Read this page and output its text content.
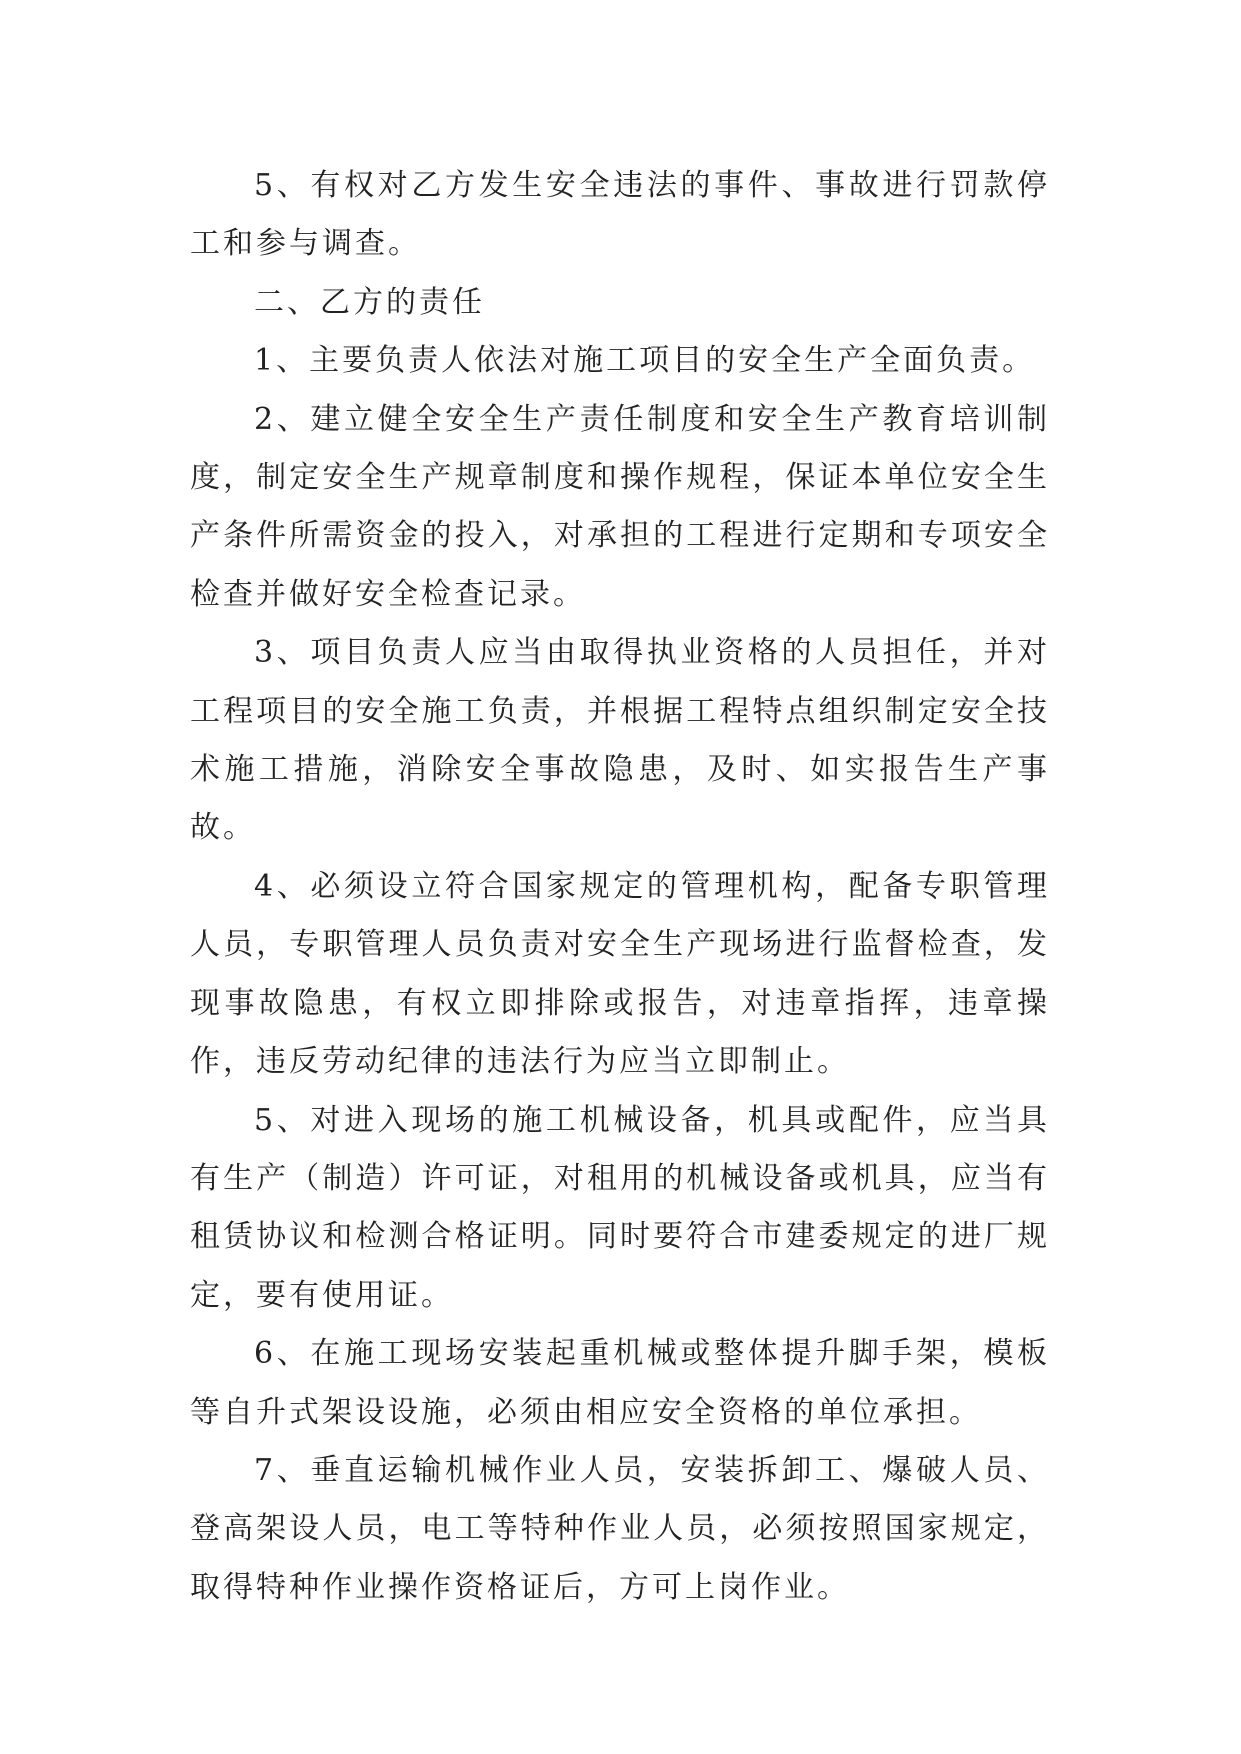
5、有权对乙方发生安全违法的事件、事故进行罚款停工和参与调查。

二、乙方的责任

1、主要负责人依法对施工项目的安全生产全面负责。

2、建立健全安全生产责任制度和安全生产教育培训制度，制定安全生产规章制度和操作规程，保证本单位安全生产条件所需资金的投入，对承担的工程进行定期和专项安全检查并做好安全检查记录。

3、项目负责人应当由取得执业资格的人员担任，并对工程项目的安全施工负责，并根据工程特点组织制定安全技术施工措施，消除安全事故隐患，及时、如实报告生产事故。

4、必须设立符合国家规定的管理机构，配备专职管理人员，专职管理人员负责对安全生产现场进行监督检查，发现事故隐患，有权立即排除或报告，对违章指挥，违章操作，违反劳动纪律的违法行为应当立即制止。

5、对进入现场的施工机械设备，机具或配件，应当具有生产（制造）许可证，对租用的机械设备或机具，应当有租赁协议和检测合格证明。同时要符合市建委规定的进厂规定，要有使用证。

6、在施工现场安装起重机械或整体提升脚手架，模板等自升式架设设施，必须由相应安全资格的单位承担。

7、垂直运输机械作业人员，安装拆卸工、爆破人员、登高架设人员，电工等特种作业人员，必须按照国家规定，取得特种作业操作资格证后，方可上岗作业。
